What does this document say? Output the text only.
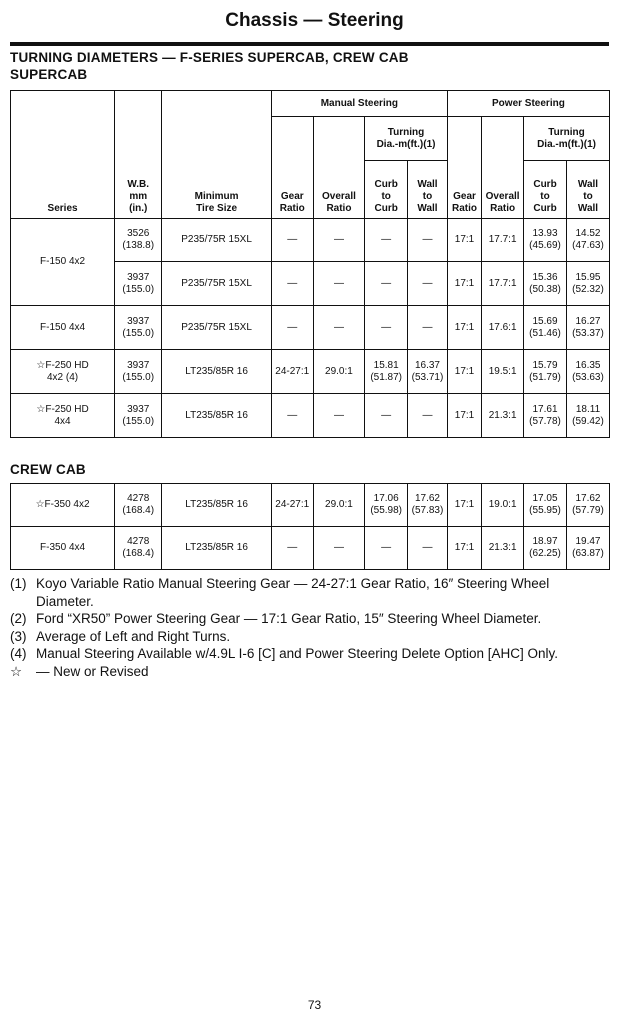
Chassis — Steering
TURNING DIAMETERS — F-SERIES SUPERCAB, CREW CAB
SUPERCAB
Series	W.B.
mm
(in.)	Minimum
Tire Size	Manual Steering				Power Steering			

			Gear
Ratio	Overall
Ratio	Turning
Dia.-m(ft.)(1)		Gear
Ratio	Overall
Ratio	Turning
Dia.-m(ft.)(1)	

					Curb
to
Curb	Wall
to
Wall			Curb
to
Curb	Wall
to
Wall

F-150 4x2	3526
(138.8)	P235/75R 15XL	—	—	—	—	17:1	17.7:1	13.93
(45.69)	14.52
(47.63)

	3937
(155.0)	P235/75R 15XL	—	—	—	—	17:1	17.7:1	15.36
(50.38)	15.95
(52.32)

F-150 4x4	3937
(155.0)	P235/75R 15XL	—	—	—	—	17:1	17.6:1	15.69
(51.46)	16.27
(53.37)

☆F-250 HD
4x2 (4)	3937
(155.0)	LT235/85R 16	24-27:1	29.0:1	15.81
(51.87)	16.37
(53.71)	17:1	19.5:1	15.79
(51.79)	16.35
(53.63)

☆F-250 HD
4x4	3937
(155.0)	LT235/85R 16	—	—	—	—	17:1	21.3:1	17.61
(57.78)	18.11
(59.42)
CREW CAB
☆F-350 4x2	4278
(168.4)	LT235/85R 16	24-27:1	29.0:1	17.06
(55.98)	17.62
(57.83)	17:1	19.0:1	17.05
(55.95)	17.62
(57.79)

F-350 4x4	4278
(168.4)	LT235/85R 16	—	—	—	—	17:1	21.3:1	18.97
(62.25)	19.47
(63.87)
(1) Koyo Variable Ratio Manual Steering Gear — 24-27:1 Gear Ratio, 16″ Steering Wheel Diameter.
(2) Ford “XR50” Power Steering Gear — 17:1 Gear Ratio, 15″ Steering Wheel Diameter.
(3) Average of Left and Right Turns.
(4) Manual Steering Available w/4.9L I-6 [C] and Power Steering Delete Option [AHC] Only.
☆	— New or Revised
73
